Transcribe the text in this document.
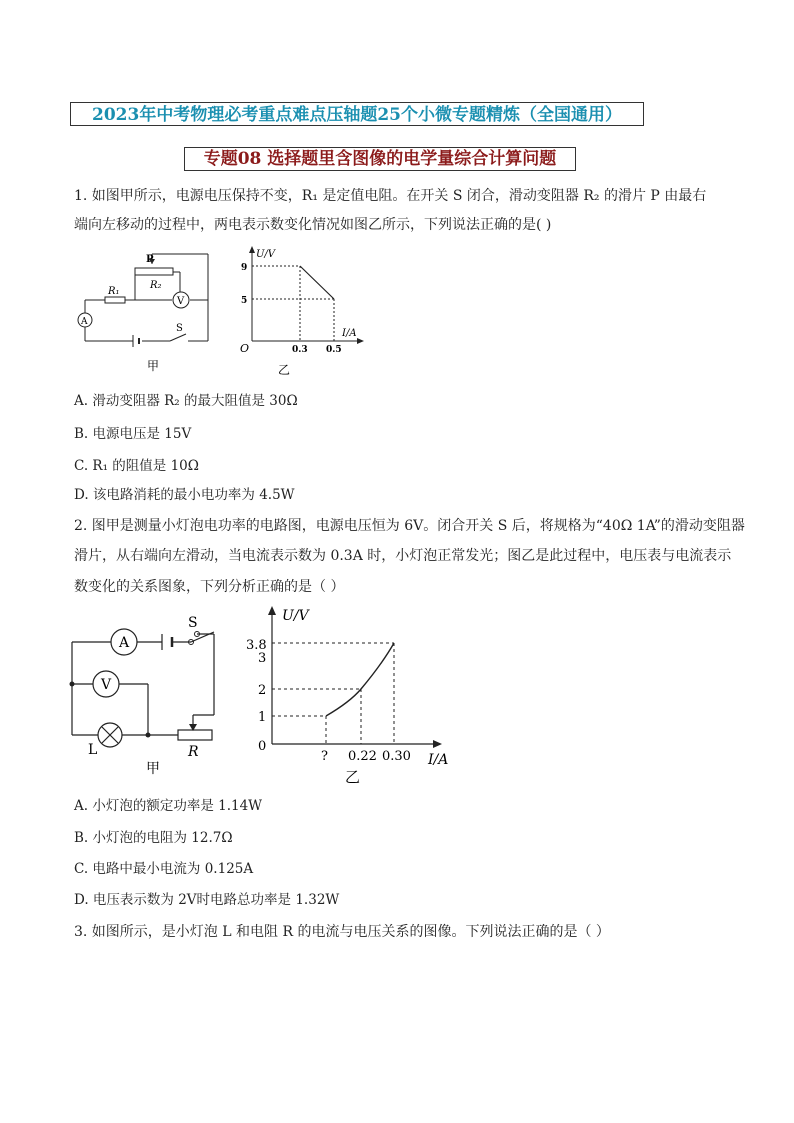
2023年中考物理必考重点难点压轴题25个小微专题精炼（全国通用）
专题08 选择题里含图像的电学量综合计算问题
1. 如图甲所示，电源电压保持不变，R₁ 是定值电阻。在开关 S 闭合，滑动变阻器 R₂ 的滑片 P 由最右
端向左移动的过程中，两电表示数变化情况如图乙所示，下列说法正确的是( )
P
R₂
R₁
V
A
S
甲
U/V
I/A
O
9
5
0.3 0.5
乙
A. 滑动变阻器 R₂ 的最大阻值是 30Ω
B. 电源电压是 15V
C. R₁ 的阻值是 10Ω
D. 该电路消耗的最小电功率为 4.5W
2. 图甲是测量小灯泡电功率的电路图，电源电压恒为 6V。闭合开关 S 后，将规格为“40Ω 1A”的滑动变阻器
滑片，从右端向左滑动，当电流表示数为 0.3A 时，小灯泡正常发光；图乙是此过程中，电压表与电流表示
数变化的关系图象，下列分析正确的是（ ）
A
V
S
L	R
甲
U/V
I/A
3.8
3
2
1
0
? 0.22 0.30
乙
A. 小灯泡的额定功率是 1.14W
B. 小灯泡的电阻为 12.7Ω
C. 电路中最小电流为 0.125A
D. 电压表示数为 2V时电路总功率是 1.32W
3. 如图所示，是小灯泡 L 和电阻 R 的电流与电压关系的图像。下列说法正确的是（ ）
